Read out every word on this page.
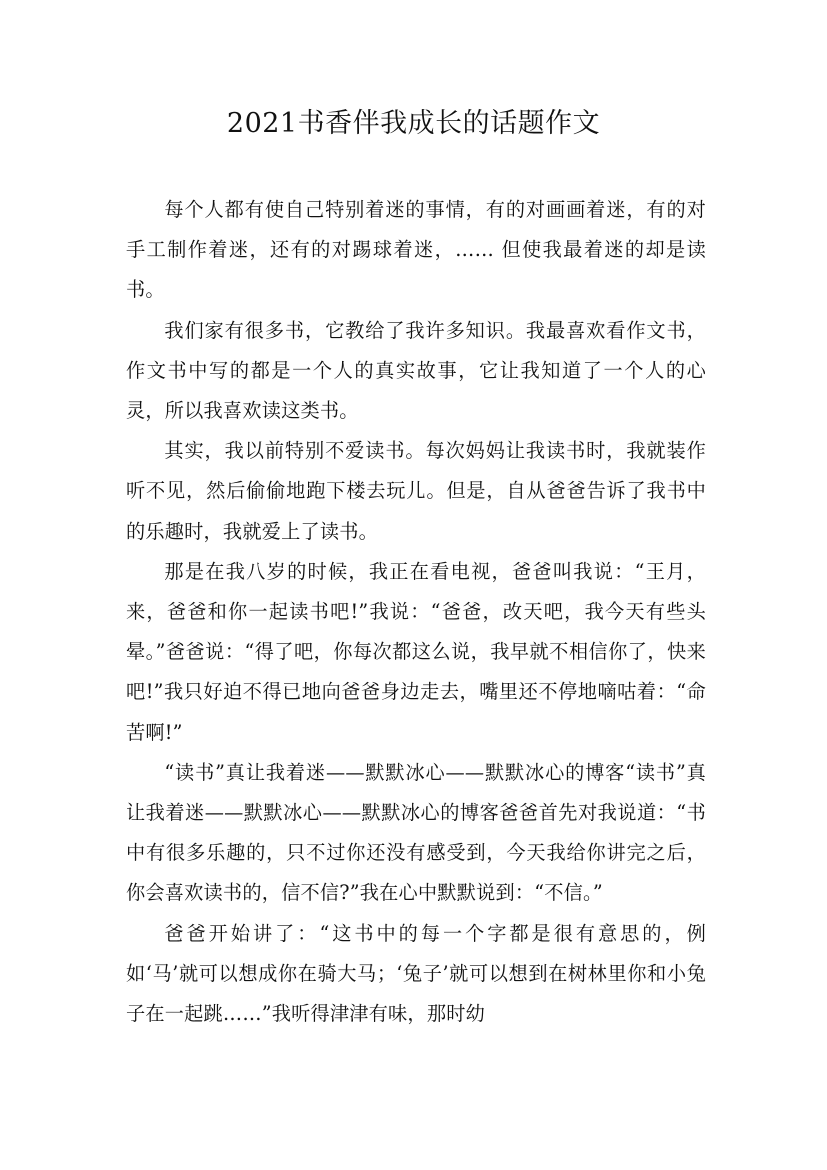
2021书香伴我成长的话题作文

每个人都有使自己特别着迷的事情，有的对画画着迷，有的对手工制作着迷，还有的对踢球着迷，…… 但使我最着迷的却是读书。

我们家有很多书，它教给了我许多知识。我最喜欢看作文书，作文书中写的都是一个人的真实故事，它让我知道了一个人的心灵，所以我喜欢读这类书。

其实，我以前特别不爱读书。每次妈妈让我读书时，我就装作听不见，然后偷偷地跑下楼去玩儿。但是，自从爸爸告诉了我书中的乐趣时，我就爱上了读书。

那是在我八岁的时候，我正在看电视，爸爸叫我说：“王月，来，爸爸和你一起读书吧!”我说：“爸爸，改天吧，我今天有些头晕。”爸爸说：“得了吧，你每次都这么说，我早就不相信你了，快来吧!”我只好迫不得已地向爸爸身边走去，嘴里还不停地嘀咕着：“命苦啊!”

“读书”真让我着迷——默默冰心——默默冰心的博客“读书”真让我着迷——默默冰心——默默冰心的博客爸爸首先对我说道：“书中有很多乐趣的，只不过你还没有感受到，今天我给你讲完之后，你会喜欢读书的，信不信?”我在心中默默说到：“不信。”

爸爸开始讲了：“这书中的每一个字都是很有意思的，例如‘马’就可以想成你在骑大马；‘兔子’就可以想到在树林里你和小兔子在一起跳……”我听得津津有味，那时幼
